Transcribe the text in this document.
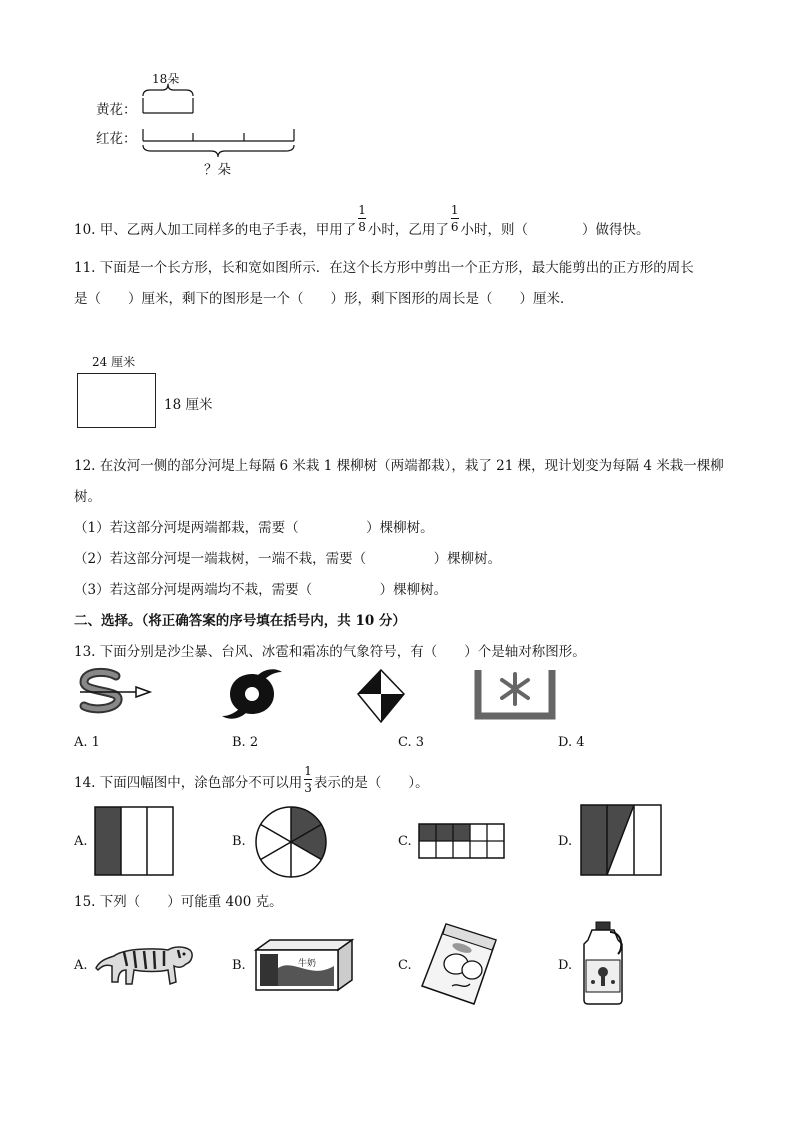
18朵
黄花：
红花：
？朵
10. 甲、乙两人加工同样多的电子手表，甲用了 $\frac{1}{8}$ 小时，乙用了 $\frac{1}{6}$ 小时，则（　　　　）做得快。
11. 下面是一个长方形，长和宽如图所示．在这个长方形中剪出一个正方形，最大能剪出的正方形的周长
是（　　）厘米，剩下的图形是一个（　　）形，剩下图形的周长是（　　）厘米．
24 厘米
18 厘米
12. 在汝河一侧的部分河堤上每隔 6 米栽 1 棵柳树（两端都栽），栽了 21 棵，现计划变为每隔 4 米栽一棵柳
树。
（1）若这部分河堤两端都栽，需要（　　　　　）棵柳树。
（2）若这部分河堤一端栽树，一端不栽，需要（　　　　　）棵柳树。
（3）若这部分河堤两端均不栽，需要（　　　　　）棵柳树。
二、选择。（将正确答案的序号填在括号内，共 10 分）
13. 下面分别是沙尘暴、台风、冰雹和霜冻的气象符号，有（　　）个是轴对称图形。
A. 1	B. 2	C. 3	D. 4
14. 下面四幅图中，涂色部分不可以用 $\frac{1}{3}$ 表示的是（　　）。
A.	B.	C.	D.
15. 下列（　　）可能重 400 克。
A.	B.	牛奶	C.	D.
